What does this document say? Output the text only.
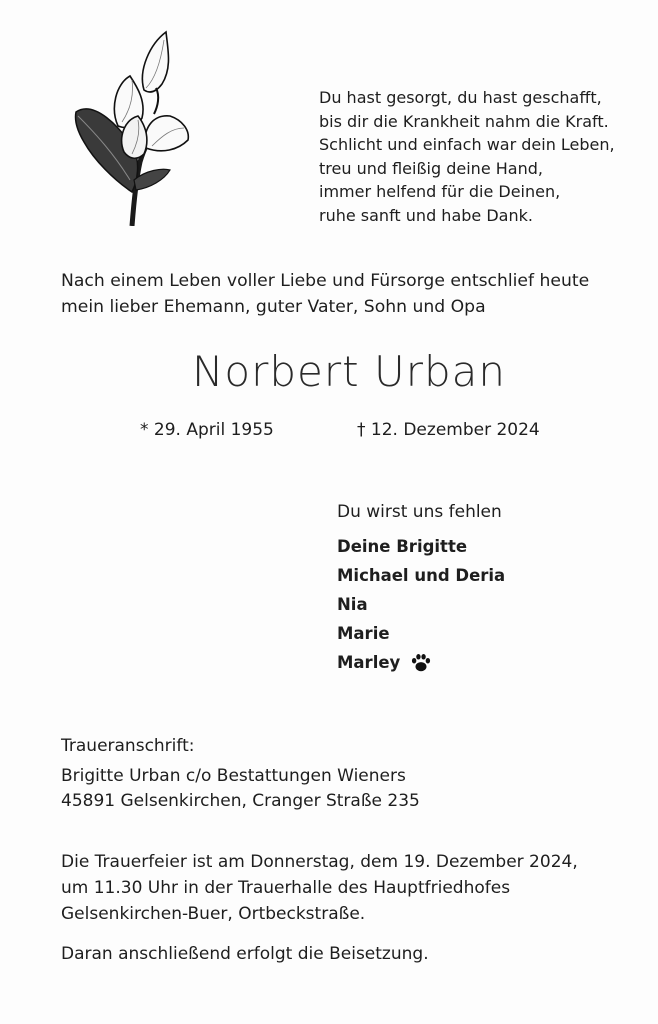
Du hast gesorgt, du hast geschafft,
bis dir die Krankheit nahm die Kraft.
Schlicht und einfach war dein Leben,
treu und fleißig deine Hand,
immer helfend für die Deinen,
ruhe sanft und habe Dank.
Nach einem Leben voller Liebe und Fürsorge entschlief heute
mein lieber Ehemann, guter Vater, Sohn und Opa
Norbert Urban
* 29. April 1955	† 12. Dezember 2024
Du wirst uns fehlen
Deine Brigitte
Michael und Deria
Nia
Marie
Marley
Traueranschrift:
Brigitte Urban c/o Bestattungen Wieners
45891 Gelsenkirchen, Cranger Straße 235
Die Trauerfeier ist am Donnerstag, dem 19. Dezember 2024,
um 11.30 Uhr in der Trauerhalle des Hauptfriedhofes
Gelsenkirchen-Buer, Ortbeckstraße.
Daran anschließend erfolgt die Beisetzung.
